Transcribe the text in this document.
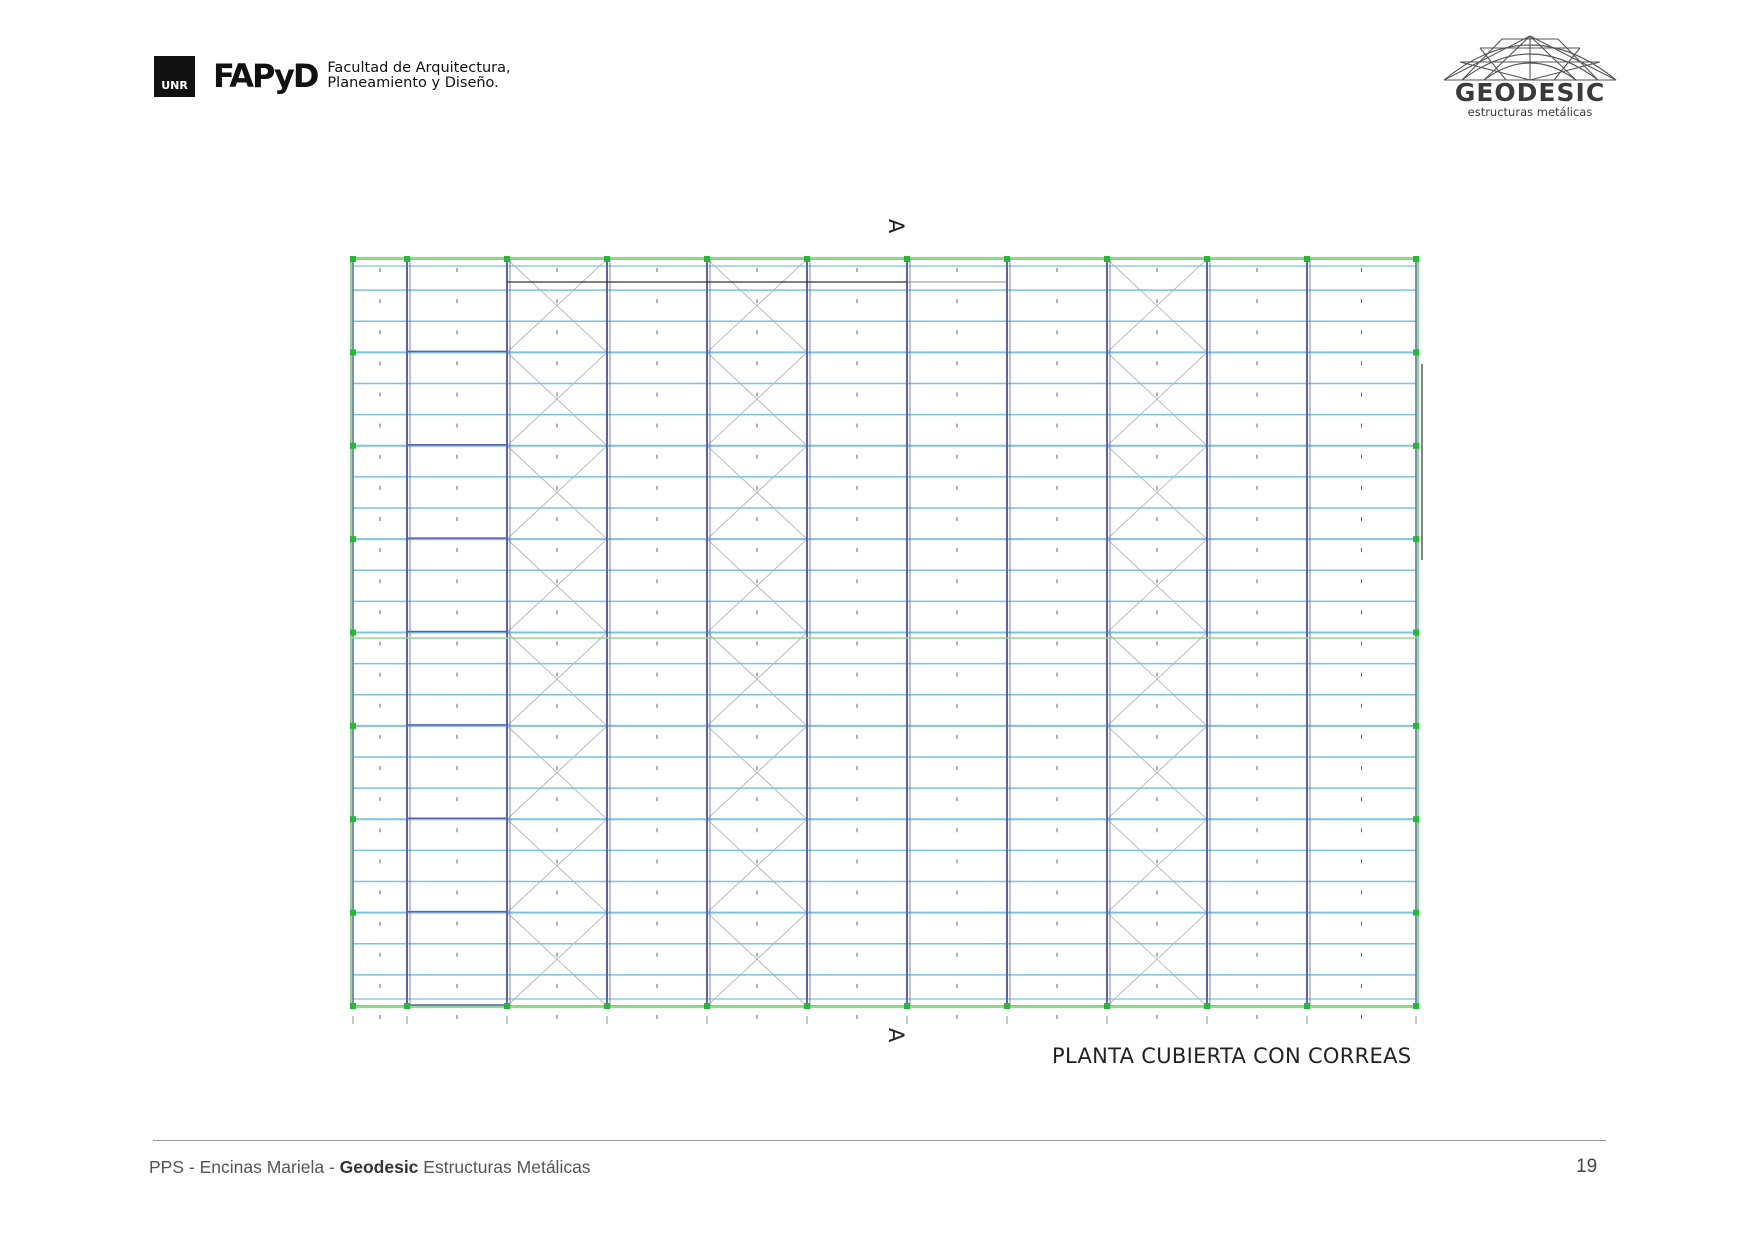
UNR FAPyD Facultad de Arquitectura,
Planeamiento y Diseño.	GEODESIC
estructuras metálicas
A
A
PLANTA CUBIERTA CON CORREAS
PPS - Encinas Mariela - Geodesic Estructuras Metálicas	19
